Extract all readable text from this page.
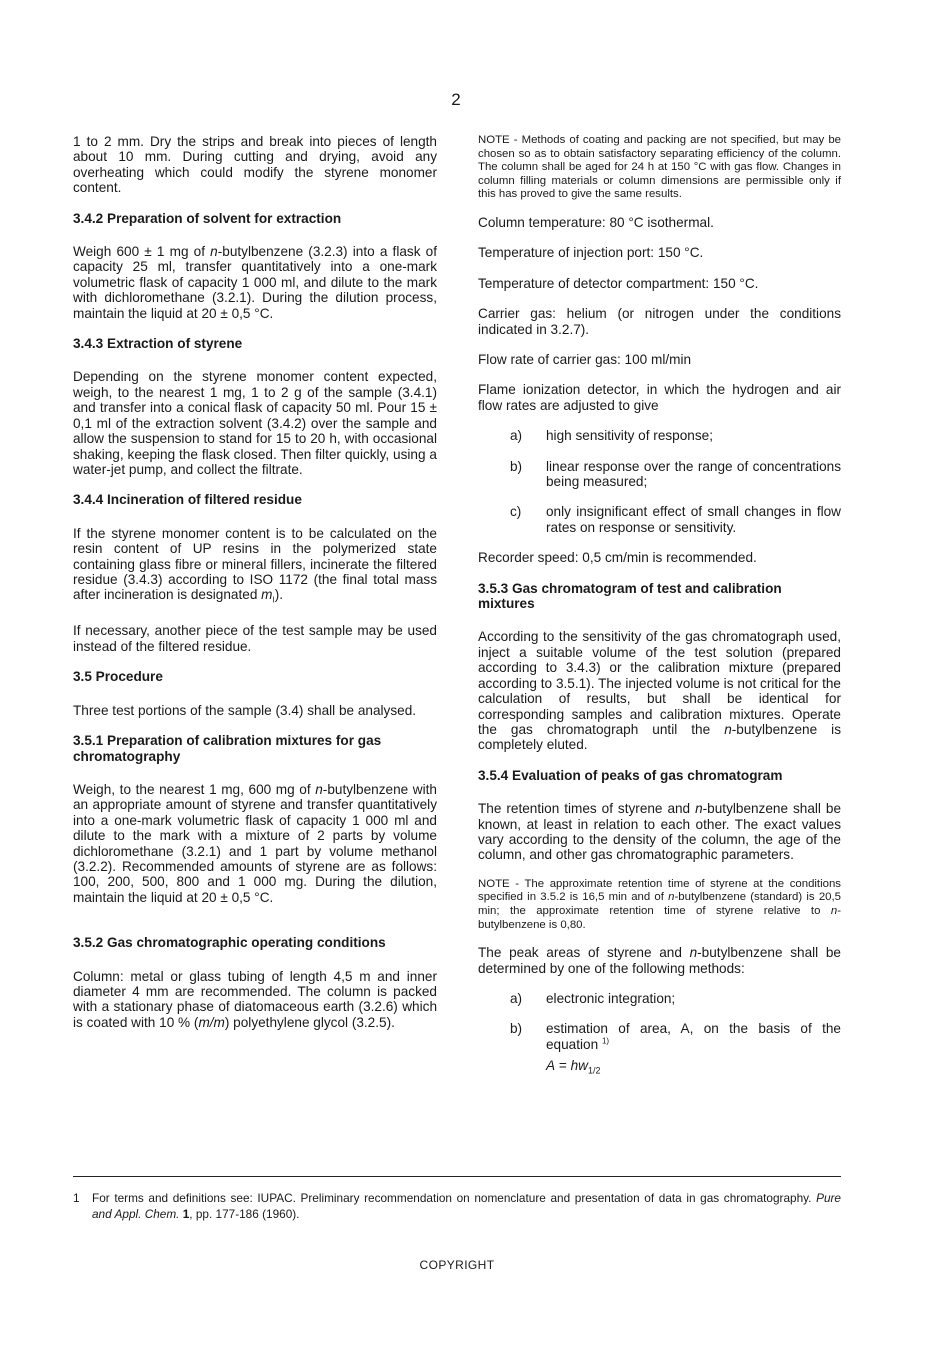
2

1 to 2 mm. Dry the strips and break into pieces of length about 10 mm. During cutting and drying, avoid any overheating which could modify the styrene monomer content.

3.4.2 Preparation of solvent for extraction

Weigh 600 ± 1 mg of n-butylbenzene (3.2.3) into a flask of capacity 25 ml, transfer quantitatively into a one-mark volumetric flask of capacity 1 000 ml, and dilute to the mark with dichloromethane (3.2.1). During the dilution process, maintain the liquid at 20 ± 0,5 °C.

3.4.3 Extraction of styrene

Depending on the styrene monomer content expected, weigh, to the nearest 1 mg, 1 to 2 g of the sample (3.4.1) and transfer into a conical flask of capacity 50 ml. Pour 15 ± 0,1 ml of the extraction solvent (3.4.2) over the sample and allow the suspension to stand for 15 to 20 h, with occasional shaking, keeping the flask closed. Then filter quickly, using a water-jet pump, and collect the filtrate.

3.4.4 Incineration of filtered residue

If the styrene monomer content is to be calculated on the resin content of UP resins in the polymerized state containing glass fibre or mineral fillers, incinerate the filtered residue (3.4.3) according to ISO 1172 (the final total mass after incineration is designated $m_I$).

If necessary, another piece of the test sample may be used instead of the filtered residue.

3.5 Procedure

Three test portions of the sample (3.4) shall be analysed.

3.5.1 Preparation of calibration mixtures for gas chromatography

Weigh, to the nearest 1 mg, 600 mg of n-butylbenzene with an appropriate amount of styrene and transfer quantitatively into a one-mark volumetric flask of capacity 1 000 ml and dilute to the mark with a mixture of 2 parts by volume dichloromethane (3.2.1) and 1 part by volume methanol (3.2.2). Recommended amounts of styrene are as follows: 100, 200, 500, 800 and 1 000 mg. During the dilution, maintain the liquid at 20 ± 0,5 °C.

3.5.2 Gas chromatographic operating conditions

Column: metal or glass tubing of length 4,5 m and inner diameter 4 mm are recommended. The column is packed with a stationary phase of diatomaceous earth (3.2.6) which is coated with 10 % (m/m) polyethylene glycol (3.2.5).

NOTE - Methods of coating and packing are not specified, but may be chosen so as to obtain satisfactory separating efficiency of the column. The column shall be aged for 24 h at 150 °C with gas flow. Changes in column filling materials or column dimensions are permissible only if this has proved to give the same results.

Column temperature: 80 °C isothermal.

Temperature of injection port: 150 °C.

Temperature of detector compartment: 150 °C.

Carrier gas: helium (or nitrogen under the conditions indicated in 3.2.7).

Flow rate of carrier gas: 100 ml/min

Flame ionization detector, in which the hydrogen and air flow rates are adjusted to give

a) high sensitivity of response;
b) linear response over the range of concentrations being measured;
c) only insignificant effect of small changes in flow rates on response or sensitivity.

Recorder speed: 0,5 cm/min is recommended.

3.5.3 Gas chromatogram of test and calibration mixtures

According to the sensitivity of the gas chromatograph used, inject a suitable volume of the test solution (prepared according to 3.4.3) or the calibration mixture (prepared according to 3.5.1). The injected volume is not critical for the calculation of results, but shall be identical for corresponding samples and calibration mixtures. Operate the gas chromatograph until the n-butylbenzene is completely eluted.

3.5.4 Evaluation of peaks of gas chromatogram

The retention times of styrene and n-butylbenzene shall be known, at least in relation to each other. The exact values vary according to the density of the column, the age of the column, and other gas chromatographic parameters.

NOTE - The approximate retention time of styrene at the conditions specified in 3.5.2 is 16,5 min and of n-butylbenzene (standard) is 20,5 min; the approximate retention time of styrene relative to n-butylbenzene is 0,80.

The peak areas of styrene and n-butylbenzene shall be determined by one of the following methods:

a) electronic integration;
b) estimation of area, A, on the basis of the equation $^{1)}$
$A = hw_{1/2}$
1	For terms and definitions see: IUPAC. Preliminary recommendation on nomenclature and presentation of data in gas chromatography. Pure and Appl. Chem. 1, pp. 177-186 (1960).
COPYRIGHT
